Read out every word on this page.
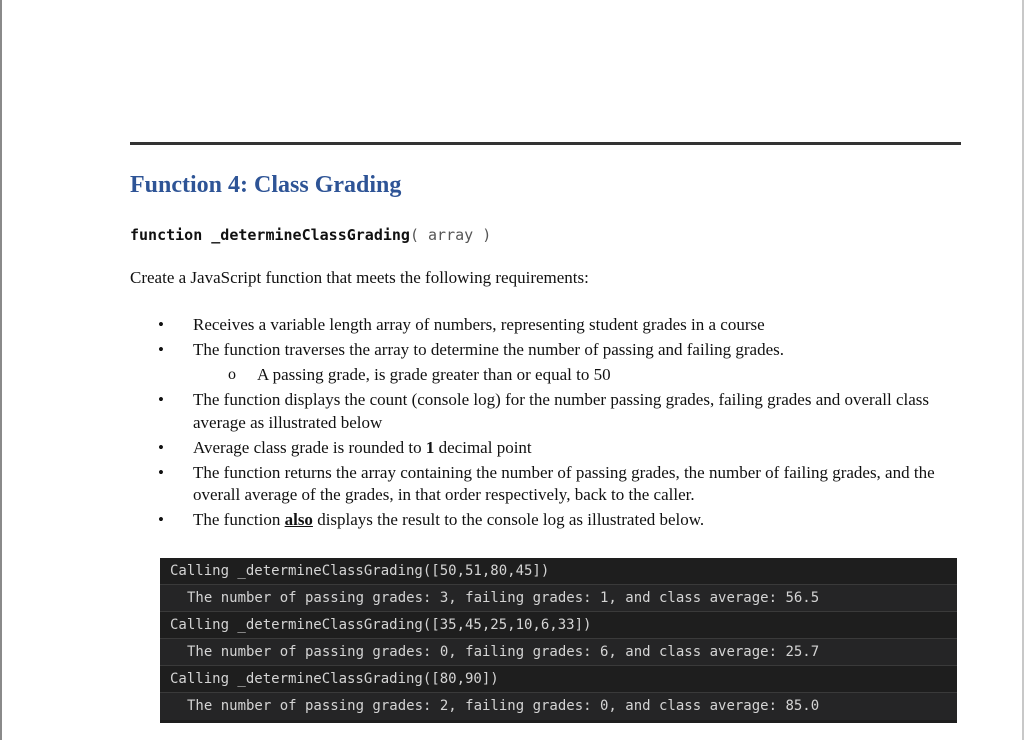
Function 4: Class Grading
function _determineClassGrading( array )
Create a JavaScript function that meets the following requirements:
• Receives a variable length array of numbers, representing student grades in a course
• The function traverses the array to determine the number of passing and failing grades.
o A passing grade, is grade greater than or equal to 50
• The function displays the count (console log) for the number passing grades, failing grades and overall class average as illustrated below
• Average class grade is rounded to 1 decimal point
• The function returns the array containing the number of passing grades, the number of failing grades, and the overall average of the grades, in that order respectively, back to the caller.
• The function also displays the result to the console log as illustrated below.
Calling _determineClassGrading([50,51,80,45])
The number of passing grades: 3, failing grades: 1, and class average: 56.5
Calling _determineClassGrading([35,45,25,10,6,33])
The number of passing grades: 0, failing grades: 6, and class average: 25.7
Calling _determineClassGrading([80,90])
The number of passing grades: 2, failing grades: 0, and class average: 85.0
